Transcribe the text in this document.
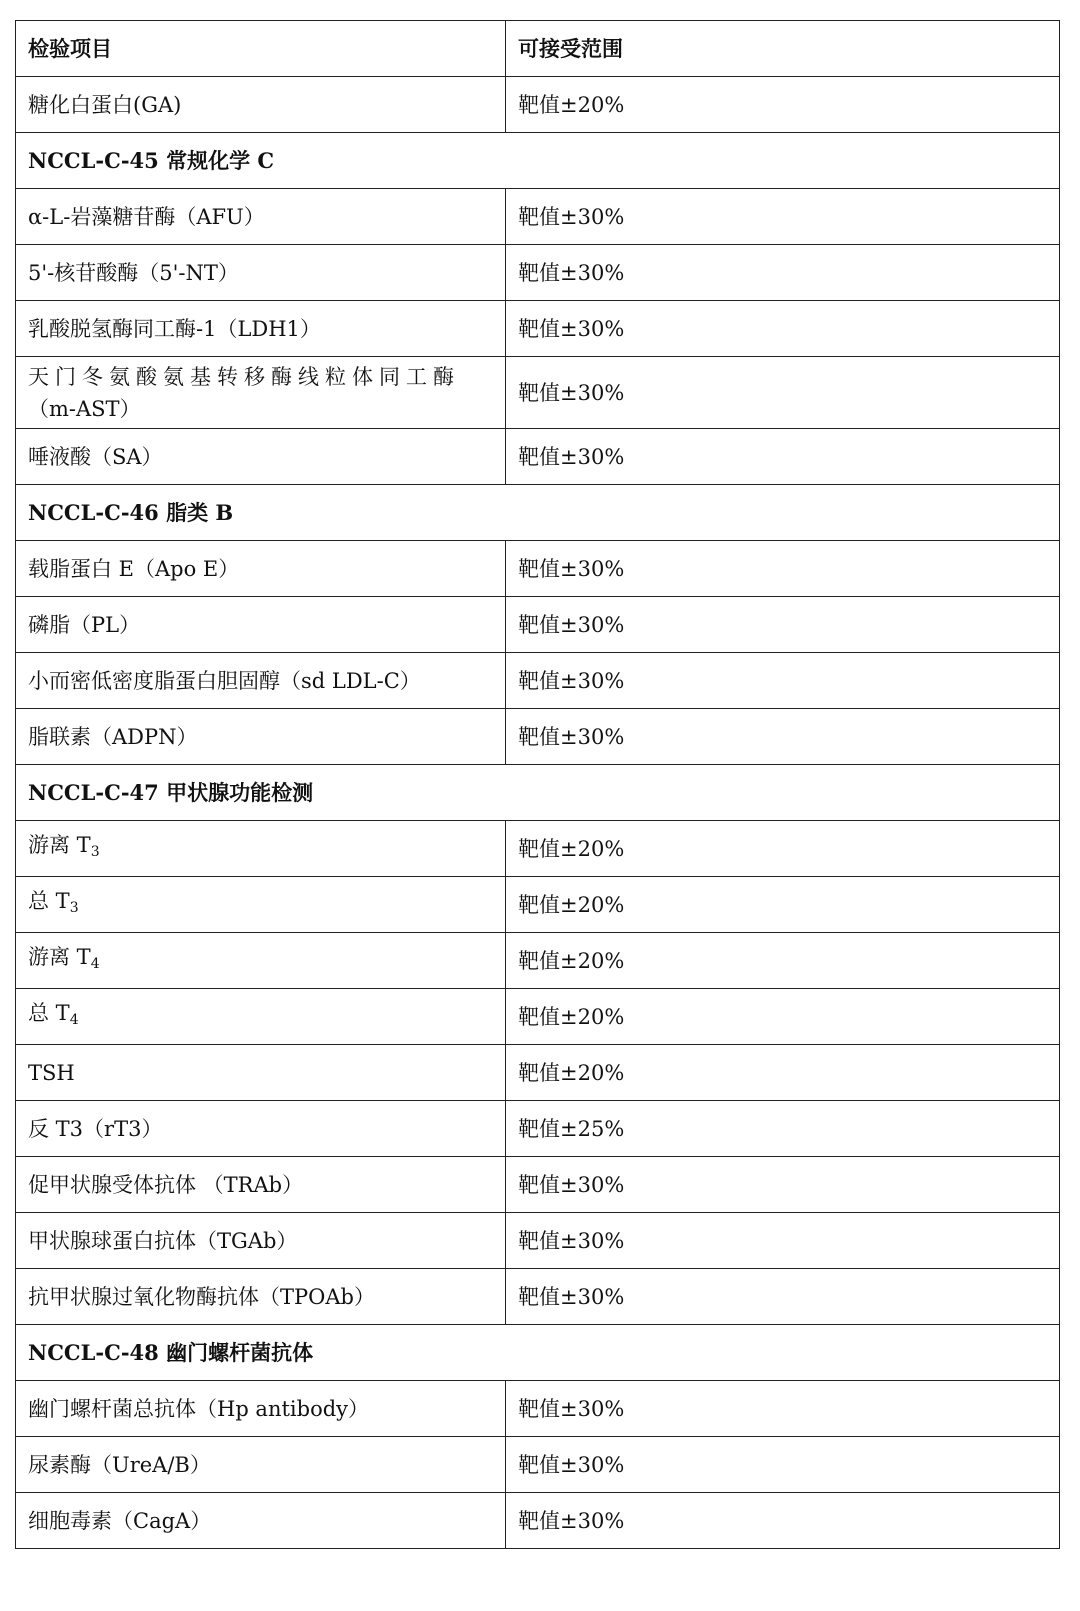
检验项目	可接受范围
糖化白蛋白(GA)	靶值±20%
NCCL-C-45 常规化学 C	
α-L-岩藻糖苷酶（AFU）	靶值±30%
5'-核苷酸酶（5'-NT）	靶值±30%
乳酸脱氢酶同工酶-1（LDH1）	靶值±30%
天门冬氨酸氨基转移酶线粒体同工酶
（m-AST）	靶值±30%
唾液酸（SA）	靶值±30%
NCCL-C-46 脂类 B	
载脂蛋白 E（Apo E）	靶值±30%
磷脂（PL）	靶值±30%
小而密低密度脂蛋白胆固醇（sd LDL-C）	靶值±30%
脂联素（ADPN）	靶值±30%
NCCL-C-47 甲状腺功能检测	
游离 $T_3$	靶值±20%
总 $T_3$	靶值±20%
游离 $T_4$	靶值±20%
总 $T_4$	靶值±20%
TSH	靶值±20%
反 T3（rT3）	靶值±25%
促甲状腺受体抗体 （TRAb）	靶值±30%
甲状腺球蛋白抗体（TGAb）	靶值±30%
抗甲状腺过氧化物酶抗体（TPOAb）	靶值±30%
NCCL-C-48 幽门螺杆菌抗体	
幽门螺杆菌总抗体（Hp antibody）	靶值±30%
尿素酶（UreA/B）	靶值±30%
细胞毒素（CagA）	靶值±30%
